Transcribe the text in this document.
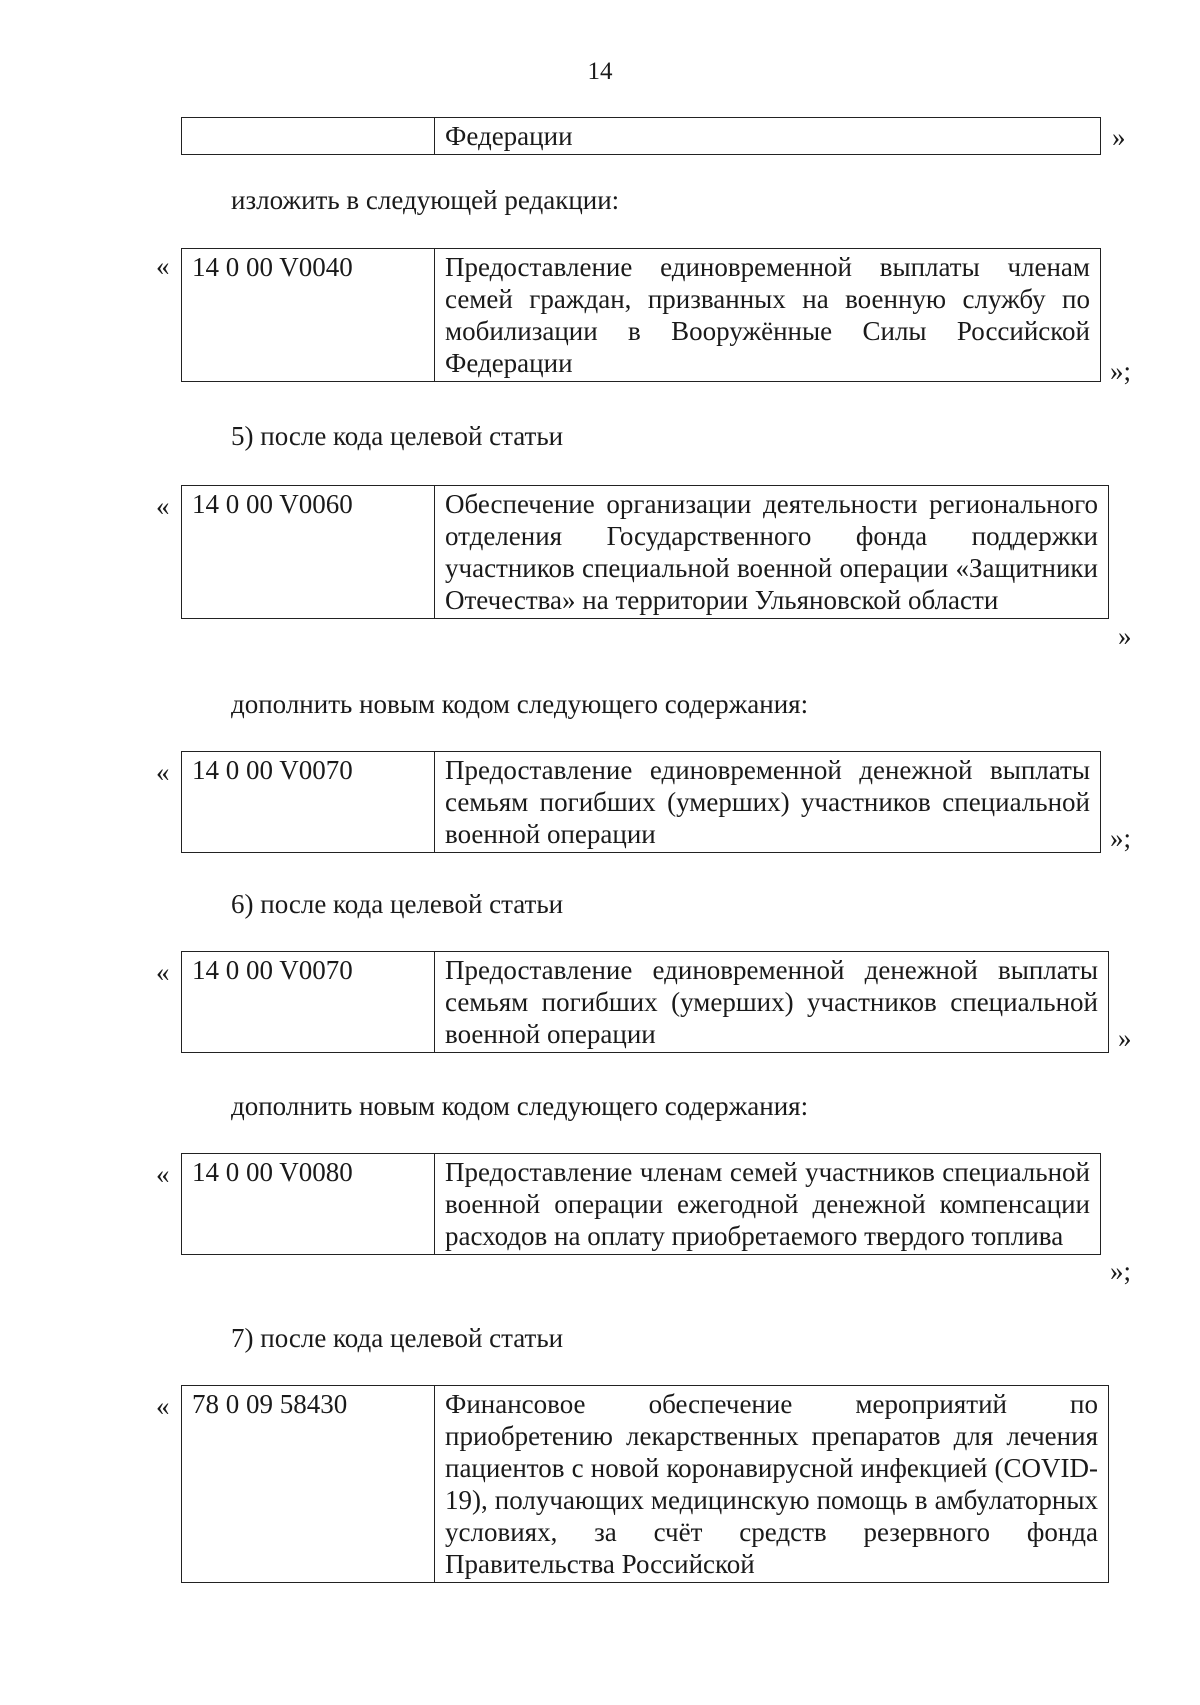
14
	Федерации	»
изложить в следующей редакции:
« 14 0 00 V0040	Предоставление единовременной выплаты членам семей граждан, призванных на военную службу по мобилизации в Вооружённые Силы Российской Федерации	»;
5) после кода целевой статьи
« 14 0 00 V0060	Обеспечение организации деятельности регионального отделения Государственного фонда поддержки участников специальной военной операции «Защитники Отечества» на территории Ульяновской области
»
дополнить новым кодом следующего содержания:
« 14 0 00 V0070	Предоставление единовременной денежной выплаты семьям погибших (умерших) участников специальной военной операции	»;
6) после кода целевой статьи
« 14 0 00 V0070	Предоставление единовременной денежной выплаты семьям погибших (умерших) участников специальной военной операции	»
дополнить новым кодом следующего содержания:
« 14 0 00 V0080	Предоставление членам семей участников специальной военной операции ежегодной денежной компенсации расходов на оплату приобретаемого твердого топлива
»;
7) после кода целевой статьи
« 78 0 09 58430	Финансовое обеспечение мероприятий по приобретению лекарственных препаратов для лечения пациентов с новой коронавирусной инфекцией (COVID-19), получающих медицинскую помощь в амбулаторных условиях, за счёт средств резервного фонда Правительства Российской
